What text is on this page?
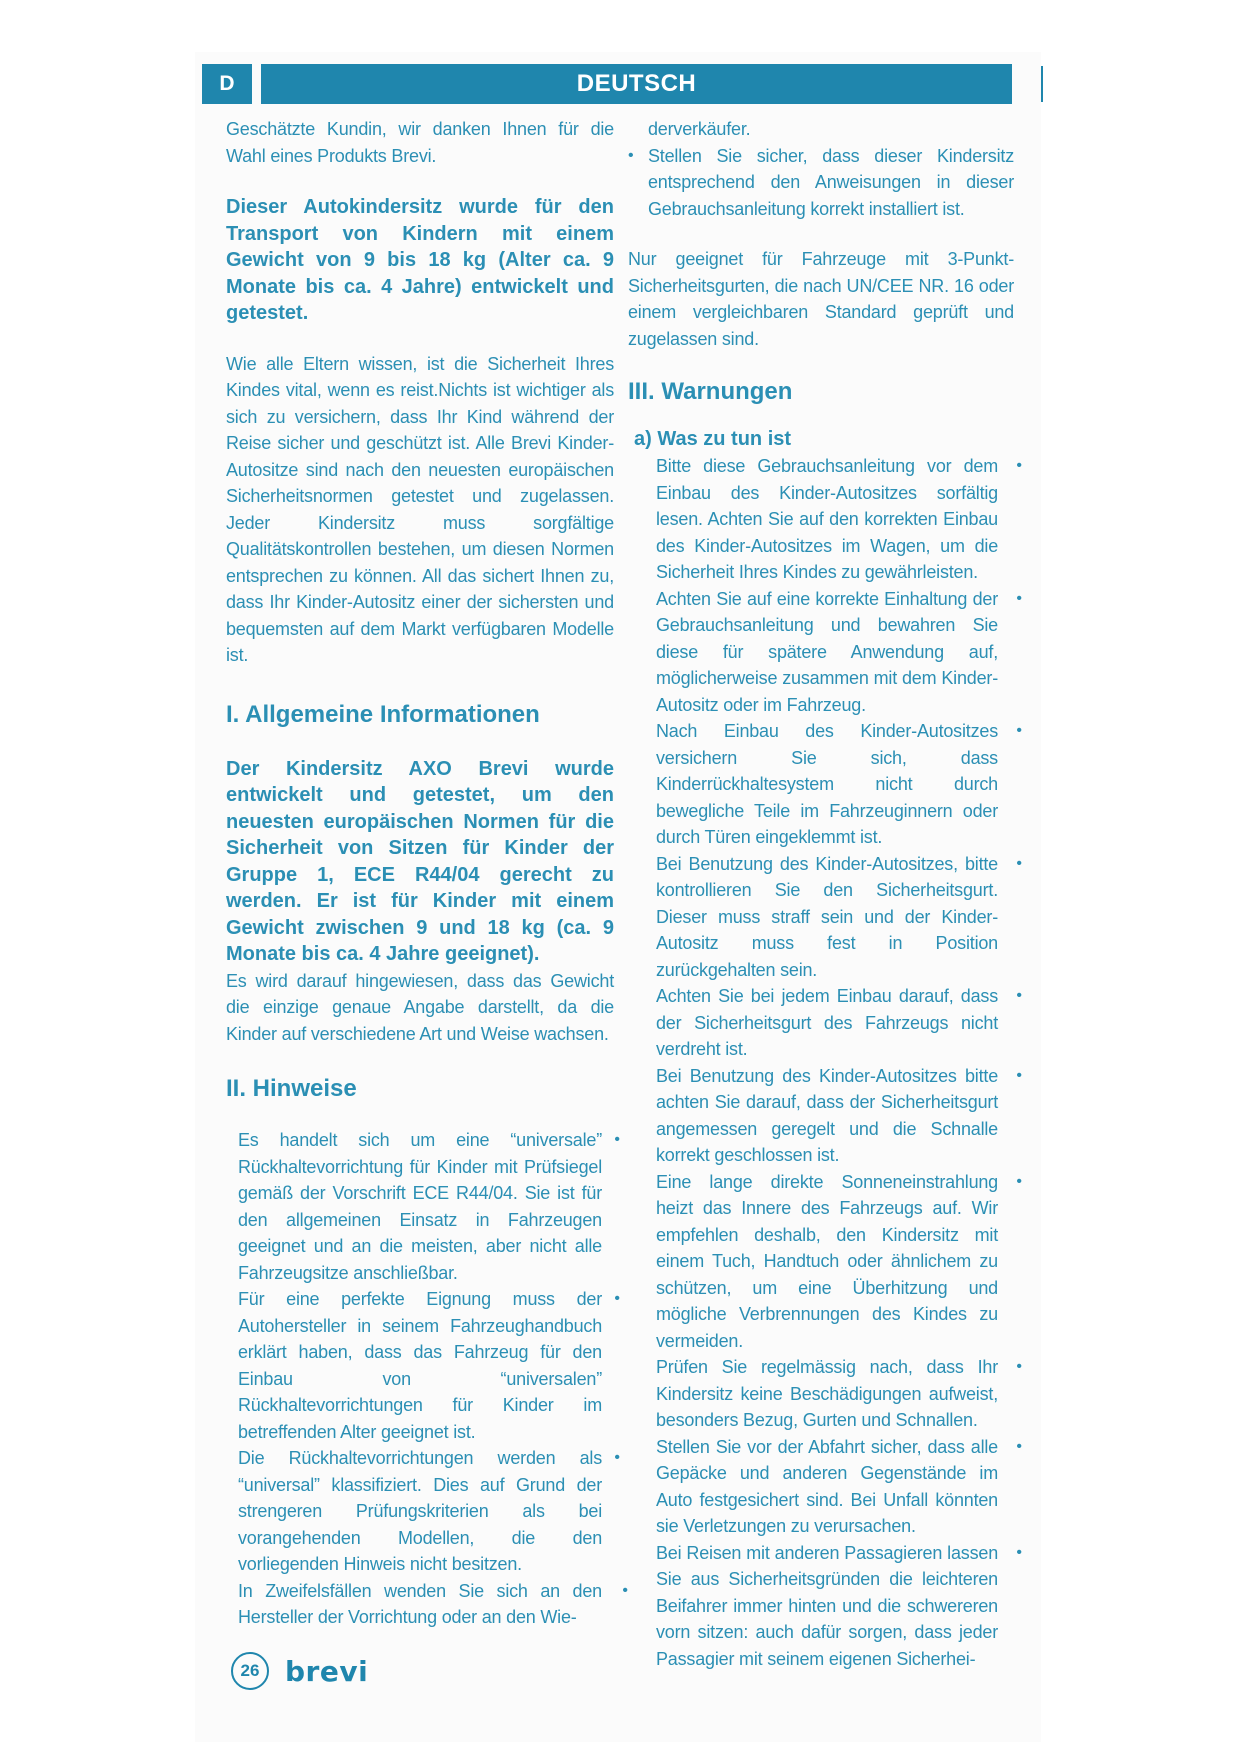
D	DEUTSCH

Geschätzte Kundin, wir danken Ihnen für die Wahl eines Produkts Brevi.

Dieser Autokindersitz wurde für den Transport von Kindern mit einem Gewicht von 9 bis 18 kg (Alter ca. 9 Monate bis ca. 4 Jahre) entwickelt und getestet.

Wie alle Eltern wissen, ist die Sicherheit Ihres Kindes vital, wenn es reist.Nichts ist wichtiger als sich zu versichern, dass Ihr Kind während der Reise sicher und geschützt ist. Alle Brevi Kinder-Autositze sind nach den neuesten europäischen Sicherheitsnormen getestet und zugelassen. Jeder Kindersitz muss sorgfältige Qualitätskontrollen bestehen, um diesen Normen entsprechen zu können. All das sichert Ihnen zu, dass Ihr Kinder-Autositz einer der sichersten und bequemsten auf dem Markt verfügbaren Modelle ist.

I. Allgemeine Informationen

Der Kindersitz AXO Brevi wurde entwickelt und getestet, um den neuesten europäischen Normen für die Sicherheit von Sitzen für Kinder der Gruppe 1, ECE R44/04 gerecht zu werden. Er ist für Kinder mit einem Gewicht zwischen 9 und 18 kg (ca. 9 Monate bis ca. 4 Jahre geeignet).

Es wird darauf hingewiesen, dass das Gewicht die einzige genaue Angabe darstellt, da die Kinder auf verschiedene Art und Weise wachsen.

II. Hinweise
•

Es handelt sich um eine “universale” Rückhaltevorrichtung für Kinder mit Prüfsiegel gemäß der Vorschrift ECE R44/04. Sie ist für den allgemeinen Einsatz in Fahrzeugen geeignet und an die meisten, aber nicht alle Fahrzeugsitze anschließbar.

•

Für eine perfekte Eignung muss der Autohersteller in seinem Fahrzeughandbuch erklärt haben, dass das Fahrzeug für den Einbau von “universalen” Rückhaltevorrichtungen für Kinder im betreffenden Alter geeignet ist.

•

Die Rückhaltevorrichtungen werden als “universal” klassifiziert. Dies auf Grund der strengeren Prüfungskriterien als bei vorangehenden Modellen, die den vorliegenden Hinweis nicht besitzen.

•

In Zweifelsfällen wenden Sie sich an den Hersteller der Vorrichtung oder an den Wie-

derverkäufer.

• Stellen Sie sicher, dass dieser Kindersitz entsprechend den Anweisungen in dieser Gebrauchsanleitung korrekt installiert ist.

Nur geeignet für Fahrzeuge mit 3-Punkt-Sicherheitsgurten, die nach UN/CEE NR. 16 oder einem vergleichbaren Standard geprüft und zugelassen sind.

III. Warnungen
a) Was zu tun ist
•

Bitte diese Gebrauchsanleitung vor dem Einbau des Kinder-Autositzes sorfältig lesen. Achten Sie auf den korrekten Einbau des Kinder-Autositzes im Wagen, um die Sicherheit Ihres Kindes zu gewährleisten.

•

Achten Sie auf eine korrekte Einhaltung der Gebrauchsanleitung und bewahren Sie diese für spätere Anwendung auf, möglicherweise zusammen mit dem Kinder-Autositz oder im Fahrzeug.

•

Nach Einbau des Kinder-Autositzes versichern Sie sich, dass Kinderrückhaltesystem nicht durch bewegliche Teile im Fahrzeuginnern oder durch Türen eingeklemmt ist.

•

Bei Benutzung des Kinder-Autositzes, bitte kontrollieren Sie den Sicherheitsgurt. Dieser muss straff sein und der Kinder-Autositz muss fest in Position zurückgehalten sein.

•

Achten Sie bei jedem Einbau darauf, dass der Sicherheitsgurt des Fahrzeugs nicht verdreht ist.

•

Bei Benutzung des Kinder-Autositzes bitte achten Sie darauf, dass der Sicherheitsgurt angemessen geregelt und die Schnalle korrekt geschlossen ist.

•

Eine lange direkte Sonneneinstrahlung heizt das Innere des Fahrzeugs auf. Wir empfehlen deshalb, den Kindersitz mit einem Tuch, Handtuch oder ähnlichem zu schützen, um eine Überhitzung und mögliche Verbrennungen des Kindes zu vermeiden.

•

Prüfen Sie regelmässig nach, dass Ihr Kindersitz keine Beschädigungen aufweist, besonders Bezug, Gurten und Schnallen.

•

Stellen Sie vor der Abfahrt sicher, dass alle Gepäcke und anderen Gegenstände im Auto festgesichert sind. Bei Unfall könnten sie Verletzungen zu verursachen.

•

Bei Reisen mit anderen Passagieren lassen Sie aus Sicherheitsgründen die leichteren Beifahrer immer hinten und die schwereren vorn sitzen: auch dafür sorgen, dass jeder Passagier mit seinem eigenen Sicherhei-

26 brevi
